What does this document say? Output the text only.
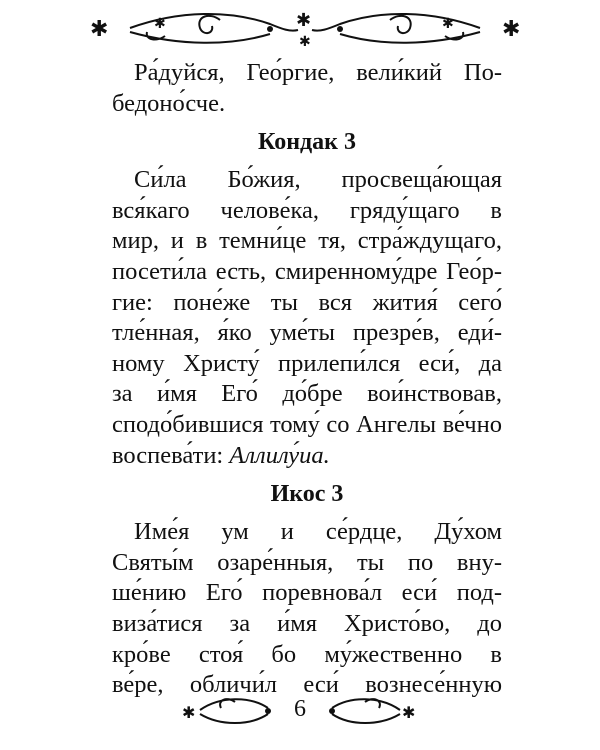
✱	✱
✱	✱
✱
✱
Ра́дуйся, Гео́ргие, вели́кий По-
бедоно́сче.
Кондак 3
Си́ла Бо́жия, просвеща́ющая
вся́каго челове́ка, гряду́щаго в
мир, и в темни́це тя, стра́ждущаго,
посети́ла есть, смиренному́дре Гео́р-
гие: поне́же ты вся жития́ сего́
тле́нная, я́ко уме́ты презре́в, еди́-
ному Христу́ прилепи́лся еси́, да
за и́мя Его́ до́бре вои́нствовав,
сподо́бившися тому́ со Ангелы ве́чно
воспева́ти: Аллилу́иа.
Икос 3
Име́я ум и се́рдце, Ду́хом
Святы́м озаре́нныя, ты по вну-
ше́нию Его́ поревнова́л еси́ под-
виза́тися за и́мя Христо́во, до
кро́ве стоя́ бо му́жественно в
ве́ре, обличи́л еси́ вознесе́нную
✱	✱
6
